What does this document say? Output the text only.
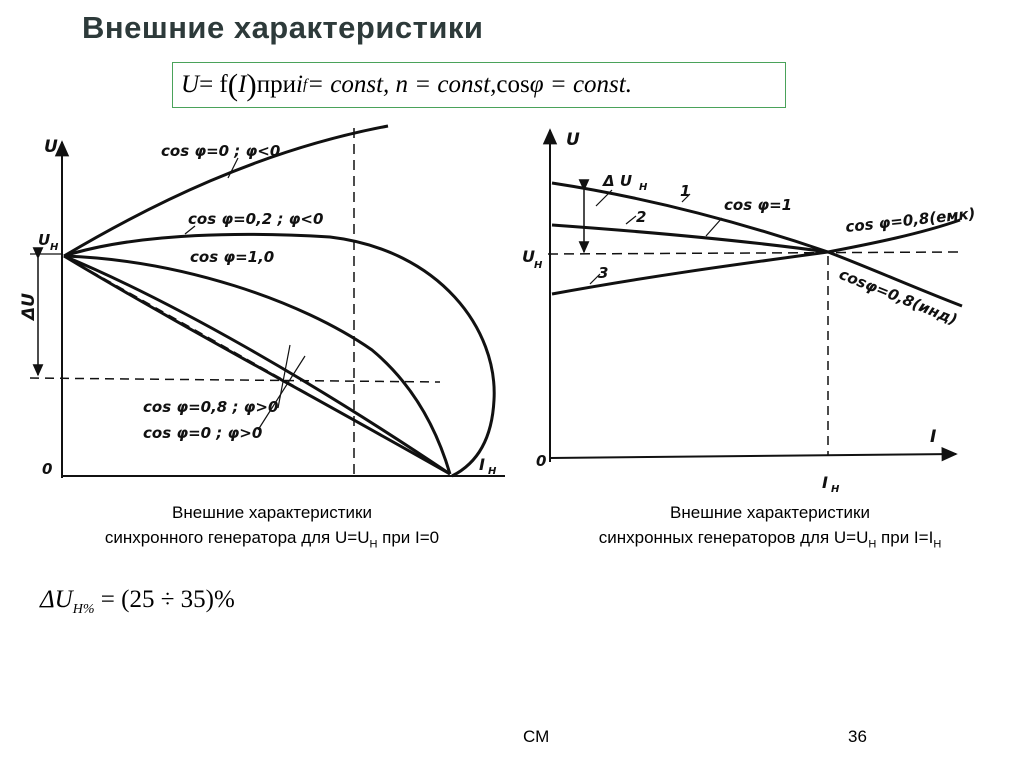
Внешние характеристики
U = f ( I ) при i f = const, n = const, cos φ = const.
U
U H
ΔU
0	I H
cos φ=0 ; φ<0
cos φ=0,2 ; φ<0
cos φ=1,0
cos φ=0,8 ; φ>0
cos φ=0 ; φ>0
U
I
U H
0
I H
Δ U H 1
2
3
cos φ=1	cos φ=0,8(емк)
cosφ=0,8(инд)
Внешние характеристики
синхронного генератора для $U=U_Н$ при I=0
Внешние характеристики
синхронных генераторов для $U=U_Н$ при $I=I_Н$
$\Delta U_{H\%} = (25 \div 35)\%$
СМ	36
